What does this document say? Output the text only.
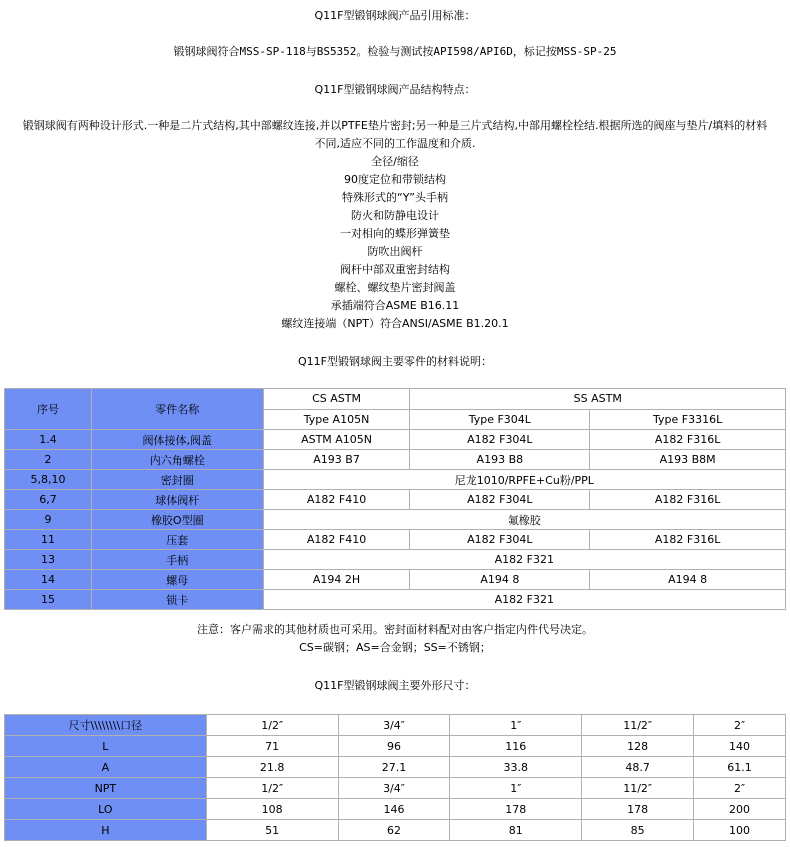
Q11F型锻钢球阀产品引用标准：
锻钢球阀符合MSS-SP-118与BS5352。检验与测试按API598/API6D，标记按MSS-SP-25
Q11F型锻钢球阀产品结构特点：
锻钢球阀有两种设计形式.一种是二片式结构,其中部螺纹连接,并以PTFE垫片密封;另一种是三片式结构,中部用螺栓栓结.根据所选的阀座与垫片/填料的材料不同,适应不同的工作温度和介质.
全径/缩径
90度定位和带锁结构
特殊形式的“Y”头手柄
防火和防静电设计
一对相向的蝶形弹簧垫
防吹出阀杆
阀杆中部双重密封结构
螺栓、螺纹垫片密封阀盖
承插端符合ASME B16.11
螺纹连接端（NPT）符合ANSI/ASME B1.20.1
Q11F型锻钢球阀主要零件的材料说明：
序号	零件名称	CS ASTM	SS ASTM	
		Type A105N	Type F304L	Type F3316L
1.4	阀体接体,阀盖	ASTM A105N	A182 F304L	A182 F316L
2	内六角螺栓	A193 B7	A193 B8	A193 B8M
5,8,10	密封圈	尼龙1010/RPFE+Cu粉/PPL		
6,7	球体阀杆	A182 F410	A182 F304L	A182 F316L
9	橡胶O型圈	氟橡胶		
11	压套	A182 F410	A182 F304L	A182 F316L
13	手柄	A182 F321		
14	螺母	A194 2H	A194 8	A194 8
15	锁卡	A182 F321		
注意：客户需求的其他材质也可采用。密封面材料配对由客户指定内件代号决定。
CS=碳钢；AS=合金钢；SS=不锈钢；
Q11F型锻钢球阀主要外形尺寸：
尺寸\\\\\\\\口径	1/2″	3/4″	1″	11/2″	2″
L	71	96	116	128	140
A	21.8	27.1	33.8	48.7	61.1
NPT	1/2″	3/4″	1″	11/2″	2″
LO	108	146	178	178	200
H	51	62	81	85	100
